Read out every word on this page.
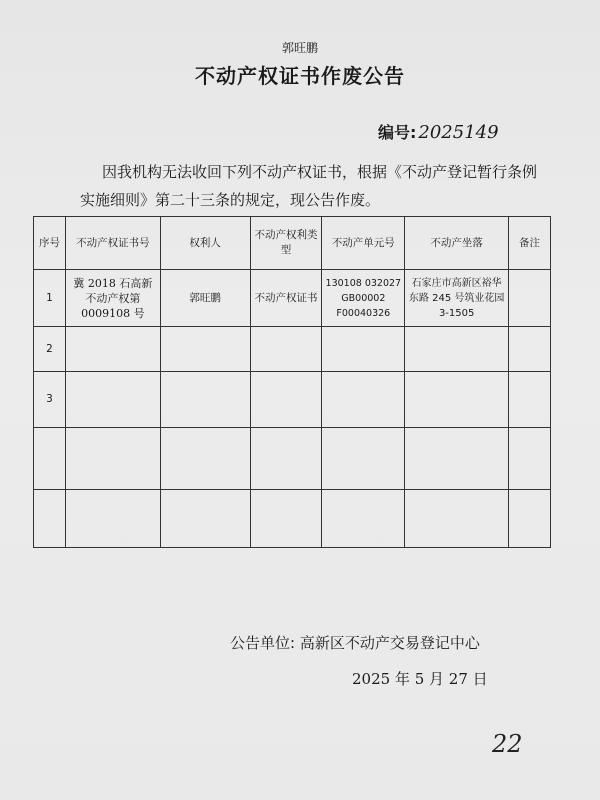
郭旺鹏
不动产权证书作废公告
编号: 2025149
因我机构无法收回下列不动产权证书，根据《不动产登记暂行条例实施细则》第二十三条的规定，现公告作废。
序号	不动产权证书号	权利人	不动产权利类型	不动产单元号	不动产坐落	备注
1	冀 2018 石高新不动产权第0009108 号	郭旺鹏	不动产权证书	130108 032027 GB00002 F00040326	石家庄市高新区裕华东路 245 号筑业花园 3-1505	
2						
3						

公告单位: 高新区不动产交易登记中心
2025 年 5 月 27 日
22
